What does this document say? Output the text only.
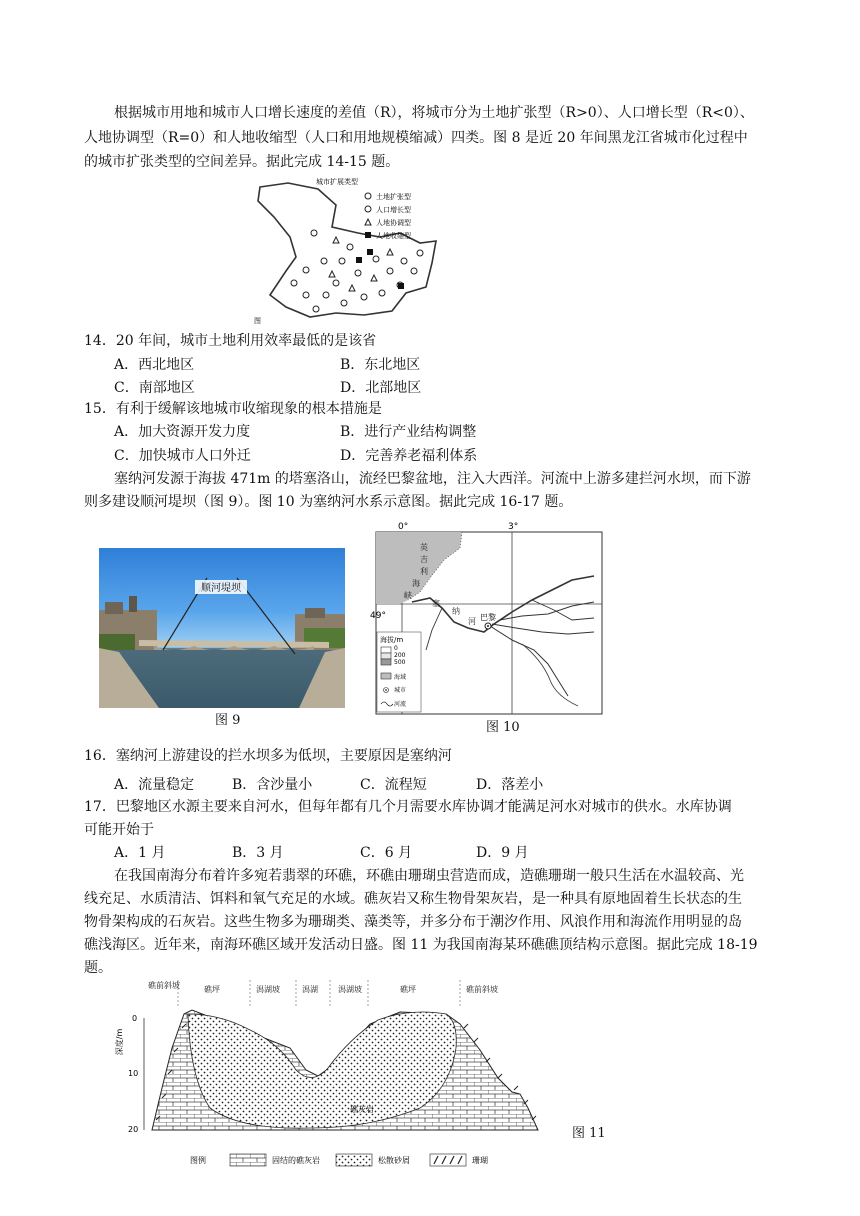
根据城市用地和城市人口增长速度的差值（R），将城市分为土地扩张型（R>0）、人口增长型（R<0）、
人地协调型（R=0）和人地收缩型（人口和用地规模缩减）四类。图 8 是近 20 年间黑龙江省城市化过程中
的城市扩张类型的空间差异。据此完成 14-15 题。
城市扩展类型
土地扩张型
人口增长型
人地协调型
人地收缩型
图
14．20 年间，城市土地利用效率最低的是该省
A．西北地区	B．东北地区
C．南部地区	D．北部地区
15．有利于缓解该地城市收缩现象的根本措施是
A．加大资源开发力度	B．进行产业结构调整
C．加快城市人口外迁	D．完善养老福利体系
塞纳河发源于海拔 471m 的塔塞洛山，流经巴黎盆地，注入大西洋。河流中上游多建拦河水坝，而下游
则多建设顺河堤坝（图 9）。图 10 为塞纳河水系示意图。据此完成 16-17 题。
顺河堤坝
图 9
0°	3°
49°
英
吉
利
海
峡
塞
纳
河 巴黎
海拔/m
0
200
500
海域
城市
河流
图 10
16．塞纳河上游建设的拦水坝多为低坝，主要原因是塞纳河
A．流量稳定	B．含沙量小	C．流程短	D．落差小
17．巴黎地区水源主要来自河水，但每年都有几个月需要水库协调才能满足河水对城市的供水。水库协调
可能开始于
A．1 月	B．3 月	C．6 月	D．9 月
在我国南海分布着许多宛若翡翠的环礁，环礁由珊瑚虫营造而成，造礁珊瑚一般只生活在水温较高、光
线充足、水质清洁、饵料和氧气充足的水域。礁灰岩又称生物骨架灰岩，是一种具有原地固着生长状态的生
物骨架构成的石灰岩。这些生物多为珊瑚类、藻类等，并多分布于潮汐作用、风浪作用和海流作用明显的岛
礁浅海区。近年来，南海环礁区域开发活动日盛。图 11 为我国南海某环礁礁顶结构示意图。据此完成 18-19
题。
礁前斜坡	礁坪	潟湖坡	潟湖	潟湖坡	礁坪	礁前斜坡
深度/m
0
10
20
礁灰岩
图例	固结的礁灰岩	松散砂屑	珊瑚
图 11
